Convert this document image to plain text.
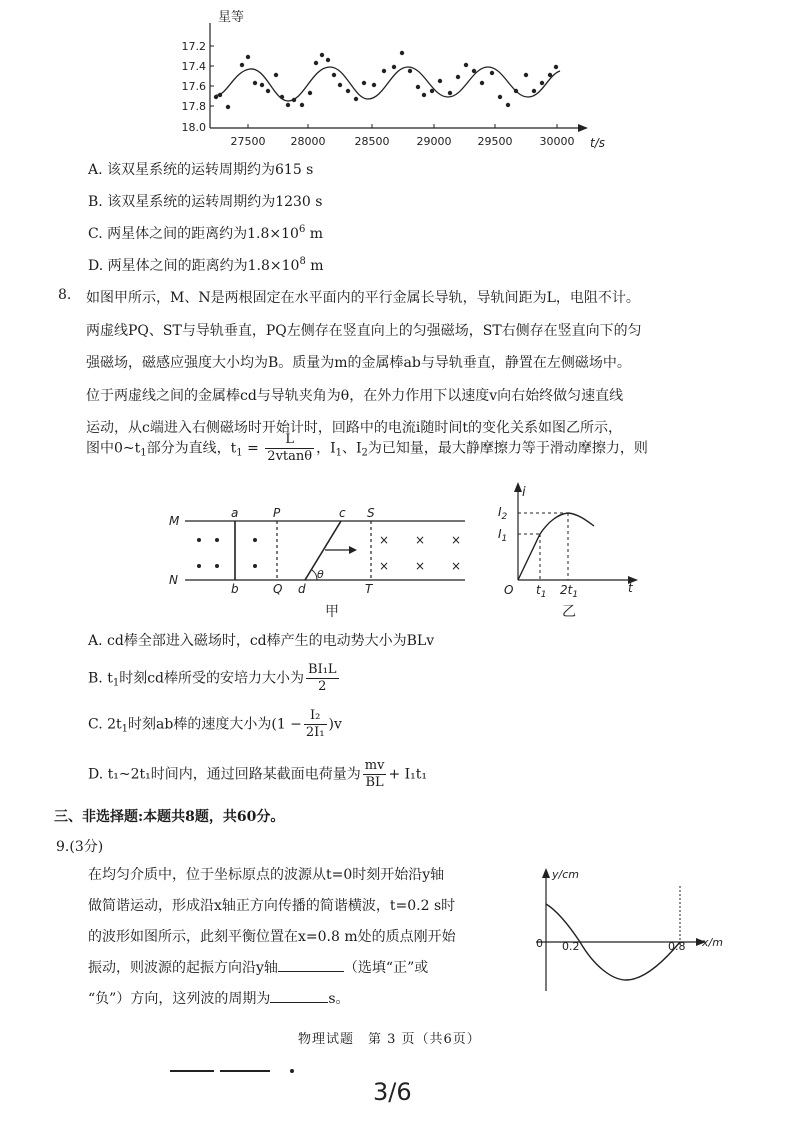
星等
17.2
17.4
17.6
17.8
18.0
27500 28000	28500 29000 29500 30000 t/s
A. 该双星系统的运转周期约为615 s
B. 该双星系统的运转周期约为1230 s
C. 两星体之间的距离约为$1.8\times 10^6$ m
D. 两星体之间的距离约为$1.8\times 10^8$ m
8. 如图甲所示，M、N是两根固定在水平面内的平行金属长导轨，导轨间距为L，电阻不计。
两虚线PQ、ST与导轨垂直，PQ左侧存在竖直向上的匀强磁场，ST右侧存在竖直向下的匀
强磁场，磁感应强度大小均为B。质量为m的金属棒ab与导轨垂直，静置在左侧磁场中。
位于两虚线之间的金属棒cd与导轨夹角为θ，在外力作用下以速度v向右始终做匀速直线
运动，从c端进入右侧磁场时开始计时，回路中的电流i随时间t的变化关系如图乙所示，
图中$0\sim t_1$部分为直线，$t_1 = \frac{L}{2vtan\theta}$ ，$I_1$、$I_2$为已知量，最大静摩擦力等于滑动摩擦力，则
M
N
a
b
P
Q
c
d
S
T
θ
× × ×
× × ×
甲
i
t
O
$I_2$
$I_1$
$t_1$ $2t_1$
乙
A. cd棒全部进入磁场时，cd棒产生的电动势大小为BLv
B. $t_1$时刻cd棒所受的安培力大小为 $\frac{\text{BI₁L}}{2}$
C. $2t_1$时刻ab棒的速度大小为$(1 - \frac{\text{I₂}}{\text{2I₁}} )v$
D. t₁~2t₁时间内，通过回路某截面电荷量为 $\frac{mv}{BL} + I_1t_1$
三、非选择题:本题共8题，共60分。
9.(3分)
在均匀介质中，位于坐标原点的波源从t=0时刻开始沿y轴
做简谐运动，形成沿x轴正方向传播的简谐横波，t=0.2 s时
的波形如图所示，此刻平衡位置在x=0.8 m处的质点刚开始
振动，则波源的起振方向沿y轴	（选填“正”或
“负”）方向，这列波的周期为	s。
y/cm
x/m
0 0.2	0.8
物理试题　第 3 页（共6页）
3/6
